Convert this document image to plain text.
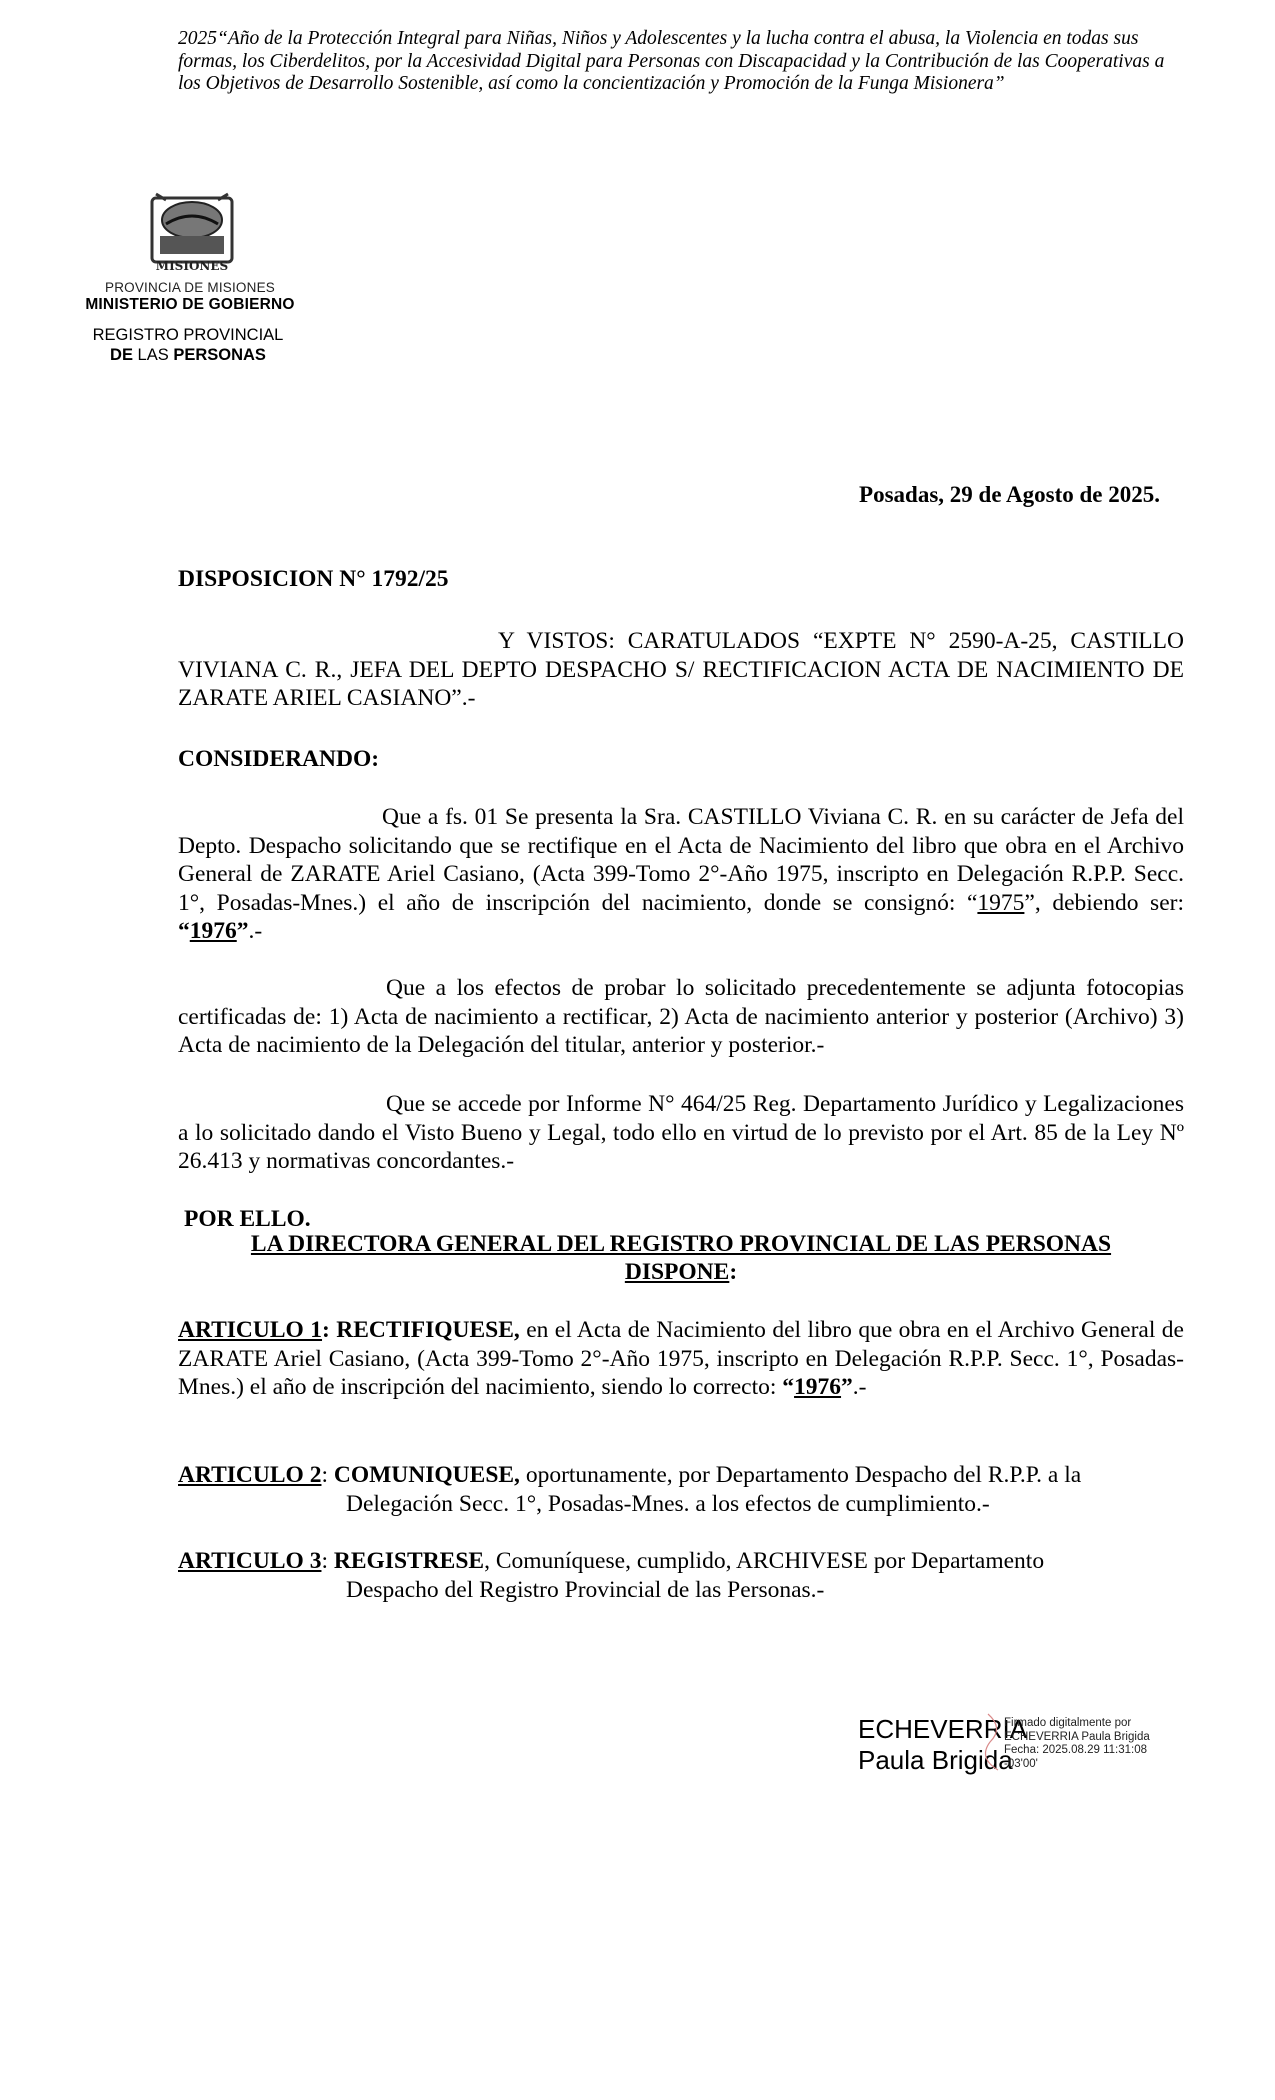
2025“Año de la Protección Integral para Niñas, Niños y Adolescentes y la lucha contra el abusa, la Violencia en todas sus formas, los Ciberdelitos, por la Accesividad Digital para Personas con Discapacidad y la Contribución de las Cooperativas a los Objetivos de Desarrollo Sostenible, así como la concientización y Promoción de la Funga Misionera”
MISIONES
PROVINCIA DE MISIONES
MINISTERIO DE GOBIERNO
REGISTRO PROVINCIAL
DE LAS PERSONAS
Posadas, 29 de Agosto de 2025.
DISPOSICION N° 1792/25
Y VISTOS: CARATULADOS “EXPTE N° 2590-A-25, CASTILLO VIVIANA C. R., JEFA DEL DEPTO DESPACHO S/ RECTIFICACION ACTA DE NACIMIENTO DE ZARATE ARIEL CASIANO”.-
CONSIDERANDO:
Que a fs. 01 Se presenta la Sra. CASTILLO Viviana C. R. en su carácter de Jefa del Depto. Despacho solicitando que se rectifique en el Acta de Nacimiento del libro que obra en el Archivo General de ZARATE Ariel Casiano, (Acta 399-Tomo 2°-Año 1975, inscripto en Delegación R.P.P. Secc. 1°, Posadas-Mnes.) el año de inscripción del nacimiento, donde se consignó: “1975”, debiendo ser: “1976”.-
Que a los efectos de probar lo solicitado precedentemente se adjunta fotocopias certificadas de: 1) Acta de nacimiento a rectificar, 2) Acta de nacimiento anterior y posterior (Archivo) 3) Acta de nacimiento de la Delegación del titular, anterior y posterior.-
Que se accede por Informe N° 464/25 Reg. Departamento Jurídico y Legalizaciones a lo solicitado dando el Visto Bueno y Legal, todo ello en virtud de lo previsto por el Art. 85 de la Ley Nº 26.413 y normativas concordantes.-
POR ELLO.
LA DIRECTORA GENERAL DEL REGISTRO PROVINCIAL DE LAS PERSONAS
DISPONE:
ARTICULO 1: RECTIFIQUESE, en el Acta de Nacimiento del libro que obra en el Archivo General de ZARATE Ariel Casiano, (Acta 399-Tomo 2°-Año 1975, inscripto en Delegación R.P.P. Secc. 1°, Posadas-Mnes.) el año de inscripción del nacimiento, siendo lo correcto: “1976”.-
ARTICULO 2: COMUNIQUESE, oportunamente, por Departamento Despacho del R.P.P. a la
Delegación Secc. 1°, Posadas-Mnes. a los efectos de cumplimiento.-
ARTICULO 3: REGISTRESE, Comuníquese, cumplido, ARCHIVESE por Departamento
Despacho del Registro Provincial de las Personas.-
ECHEVERRIA
Paula Brigida
Firmado digitalmente por
ECHEVERRIA Paula Brigida
Fecha: 2025.08.29 11:31:08
-03'00'
